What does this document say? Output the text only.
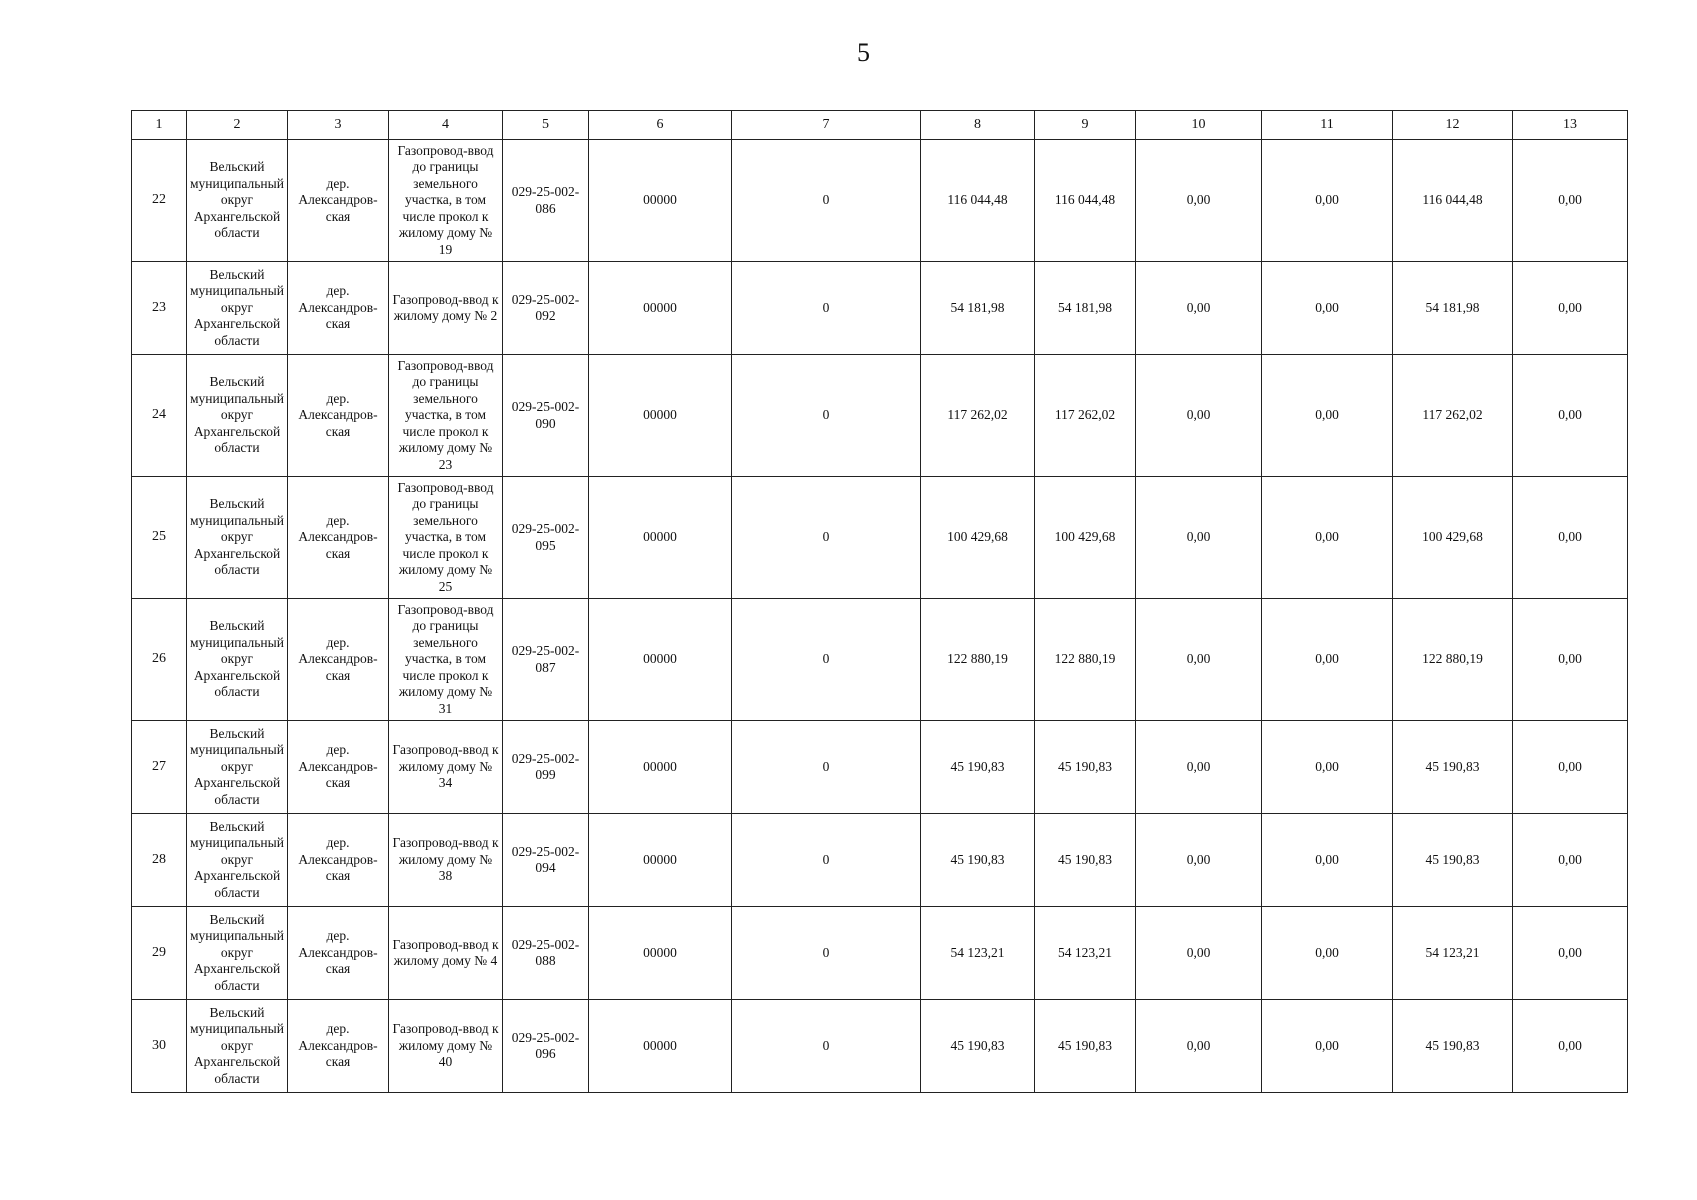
5
1	2	3	4	5	6	7	8	9	10	11	12	13
22	Вельский муниципальный округ Архангельской области	дер. Александров-ская	Газопровод-ввод до границы земельного участка, в том числе прокол к жилому дому № 19	029-25-002-086	00000	0	116 044,48	116 044,48	0,00	0,00	116 044,48	0,00
23	Вельский муниципальный округ Архангельской области	дер. Александров-ская	Газопровод-ввод к жилому дому № 2	029-25-002-092	00000	0	54 181,98	54 181,98	0,00	0,00	54 181,98	0,00
24	Вельский муниципальный округ Архангельской области	дер. Александров-ская	Газопровод-ввод до границы земельного участка, в том числе прокол к жилому дому № 23	029-25-002-090	00000	0	117 262,02	117 262,02	0,00	0,00	117 262,02	0,00
25	Вельский муниципальный округ Архангельской области	дер. Александров-ская	Газопровод-ввод до границы земельного участка, в том числе прокол к жилому дому № 25	029-25-002-095	00000	0	100 429,68	100 429,68	0,00	0,00	100 429,68	0,00
26	Вельский муниципальный округ Архангельской области	дер. Александров-ская	Газопровод-ввод до границы земельного участка, в том числе прокол к жилому дому № 31	029-25-002-087	00000	0	122 880,19	122 880,19	0,00	0,00	122 880,19	0,00
27	Вельский муниципальный округ Архангельской области	дер. Александров-ская	Газопровод-ввод к жилому дому № 34	029-25-002-099	00000	0	45 190,83	45 190,83	0,00	0,00	45 190,83	0,00
28	Вельский муниципальный округ Архангельской области	дер. Александров-ская	Газопровод-ввод к жилому дому № 38	029-25-002-094	00000	0	45 190,83	45 190,83	0,00	0,00	45 190,83	0,00
29	Вельский муниципальный округ Архангельской области	дер. Александров-ская	Газопровод-ввод к жилому дому № 4	029-25-002-088	00000	0	54 123,21	54 123,21	0,00	0,00	54 123,21	0,00
30	Вельский муниципальный округ Архангельской области	дер. Александров-ская	Газопровод-ввод к жилому дому № 40	029-25-002-096	00000	0	45 190,83	45 190,83	0,00	0,00	45 190,83	0,00
